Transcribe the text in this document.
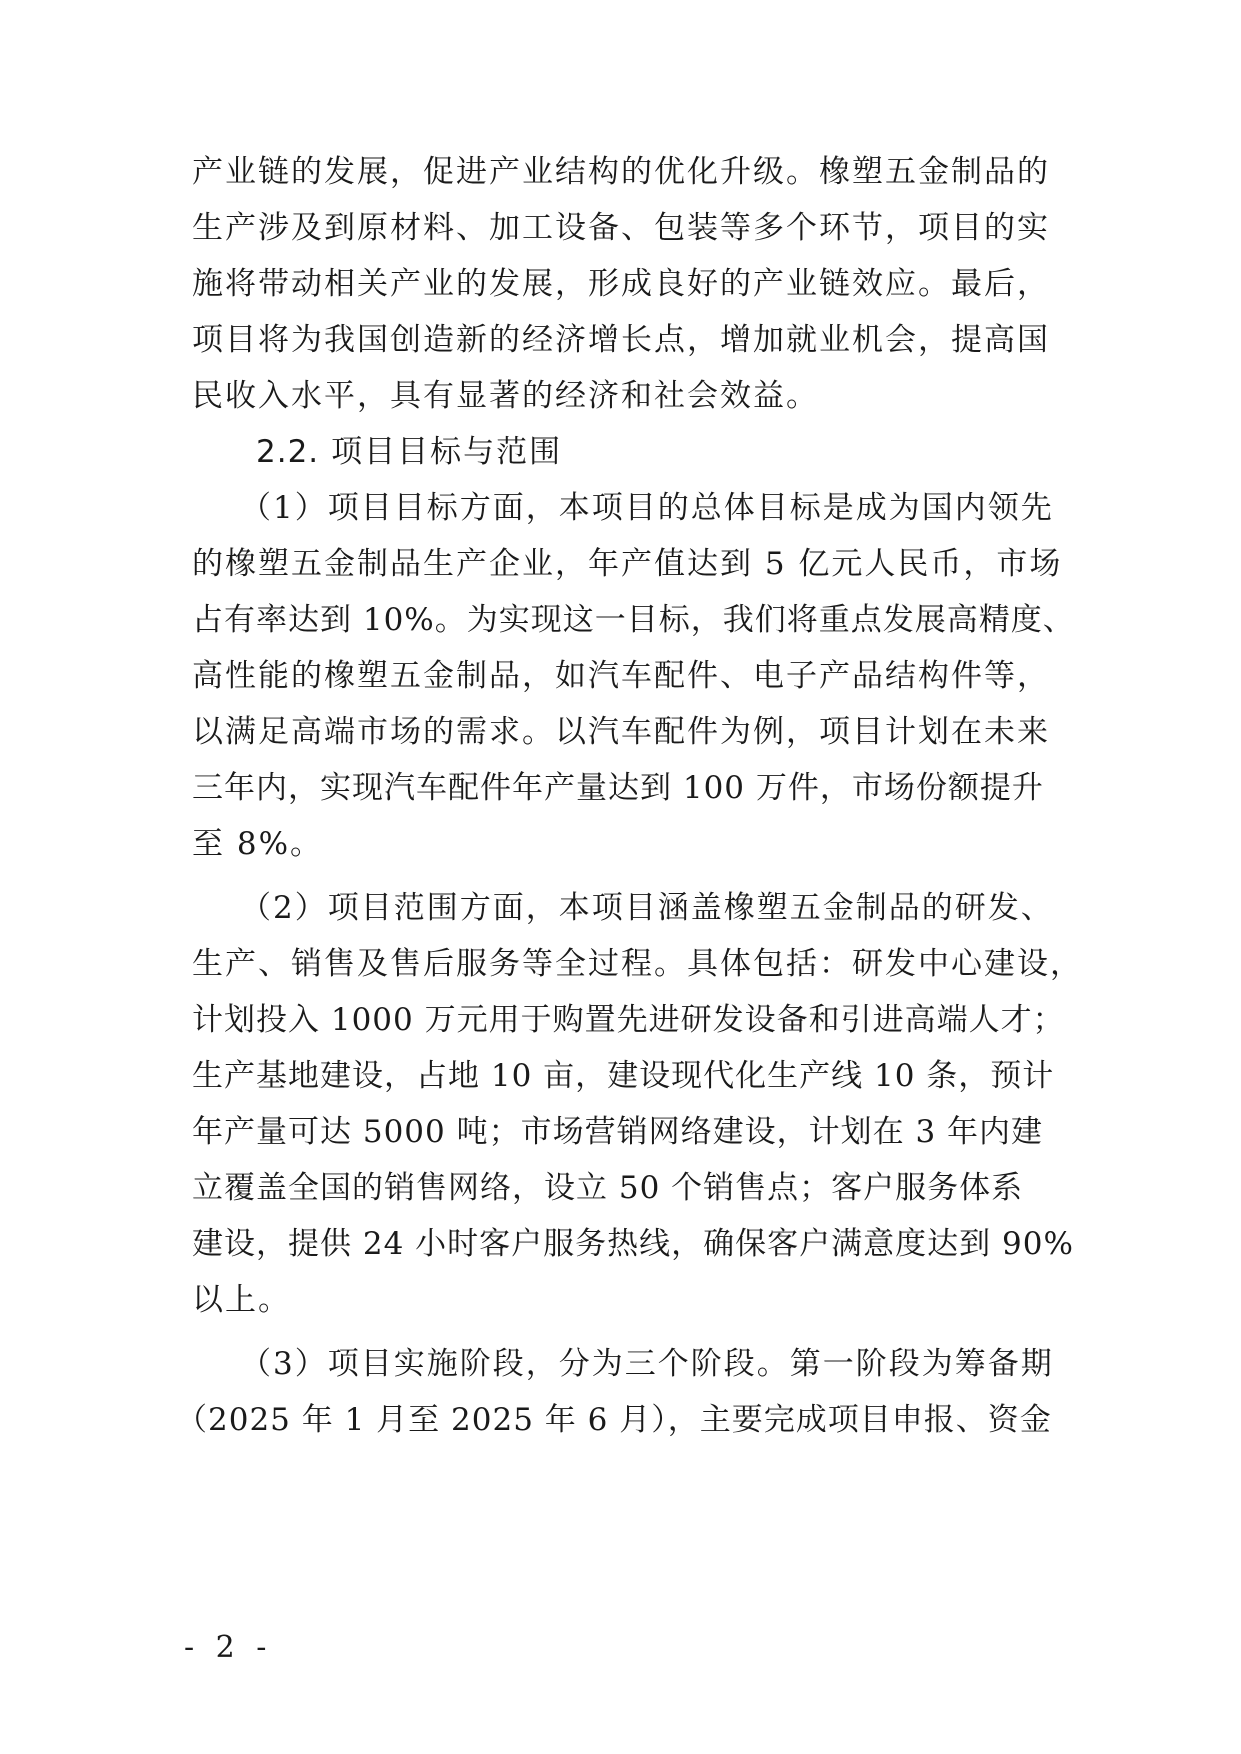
产业链的发展，促进产业结构的优化升级。橡塑五金制品的
生产涉及到原材料、加工设备、包装等多个环节，项目的实
施将带动相关产业的发展，形成良好的产业链效应。最后，
项目将为我国创造新的经济增长点，增加就业机会，提高国
民收入水平，具有显著的经济和社会效益。
2.2. 项目目标与范围
（1）项目目标方面，本项目的总体目标是成为国内领先
的橡塑五金制品生产企业，年产值达到 5 亿元人民币，市场
占有率达到 10%。为实现这一目标，我们将重点发展高精度、
高性能的橡塑五金制品，如汽车配件、电子产品结构件等，
以满足高端市场的需求。以汽车配件为例，项目计划在未来
三年内，实现汽车配件年产量达到 100 万件，市场份额提升
至 8%。
（2）项目范围方面，本项目涵盖橡塑五金制品的研发、
生产、销售及售后服务等全过程。具体包括：研发中心建设，
计划投入 1000 万元用于购置先进研发设备和引进高端人才；
生产基地建设，占地 10 亩，建设现代化生产线 10 条，预计
年产量可达 5000 吨；市场营销网络建设，计划在 3 年内建
立覆盖全国的销售网络，设立 50 个销售点；客户服务体系
建设，提供 24 小时客户服务热线，确保客户满意度达到 90%
以上。
（3）项目实施阶段，分为三个阶段。第一阶段为筹备期
（2025 年 1 月至 2025 年 6 月），主要完成项目申报、资金
- 2 -
